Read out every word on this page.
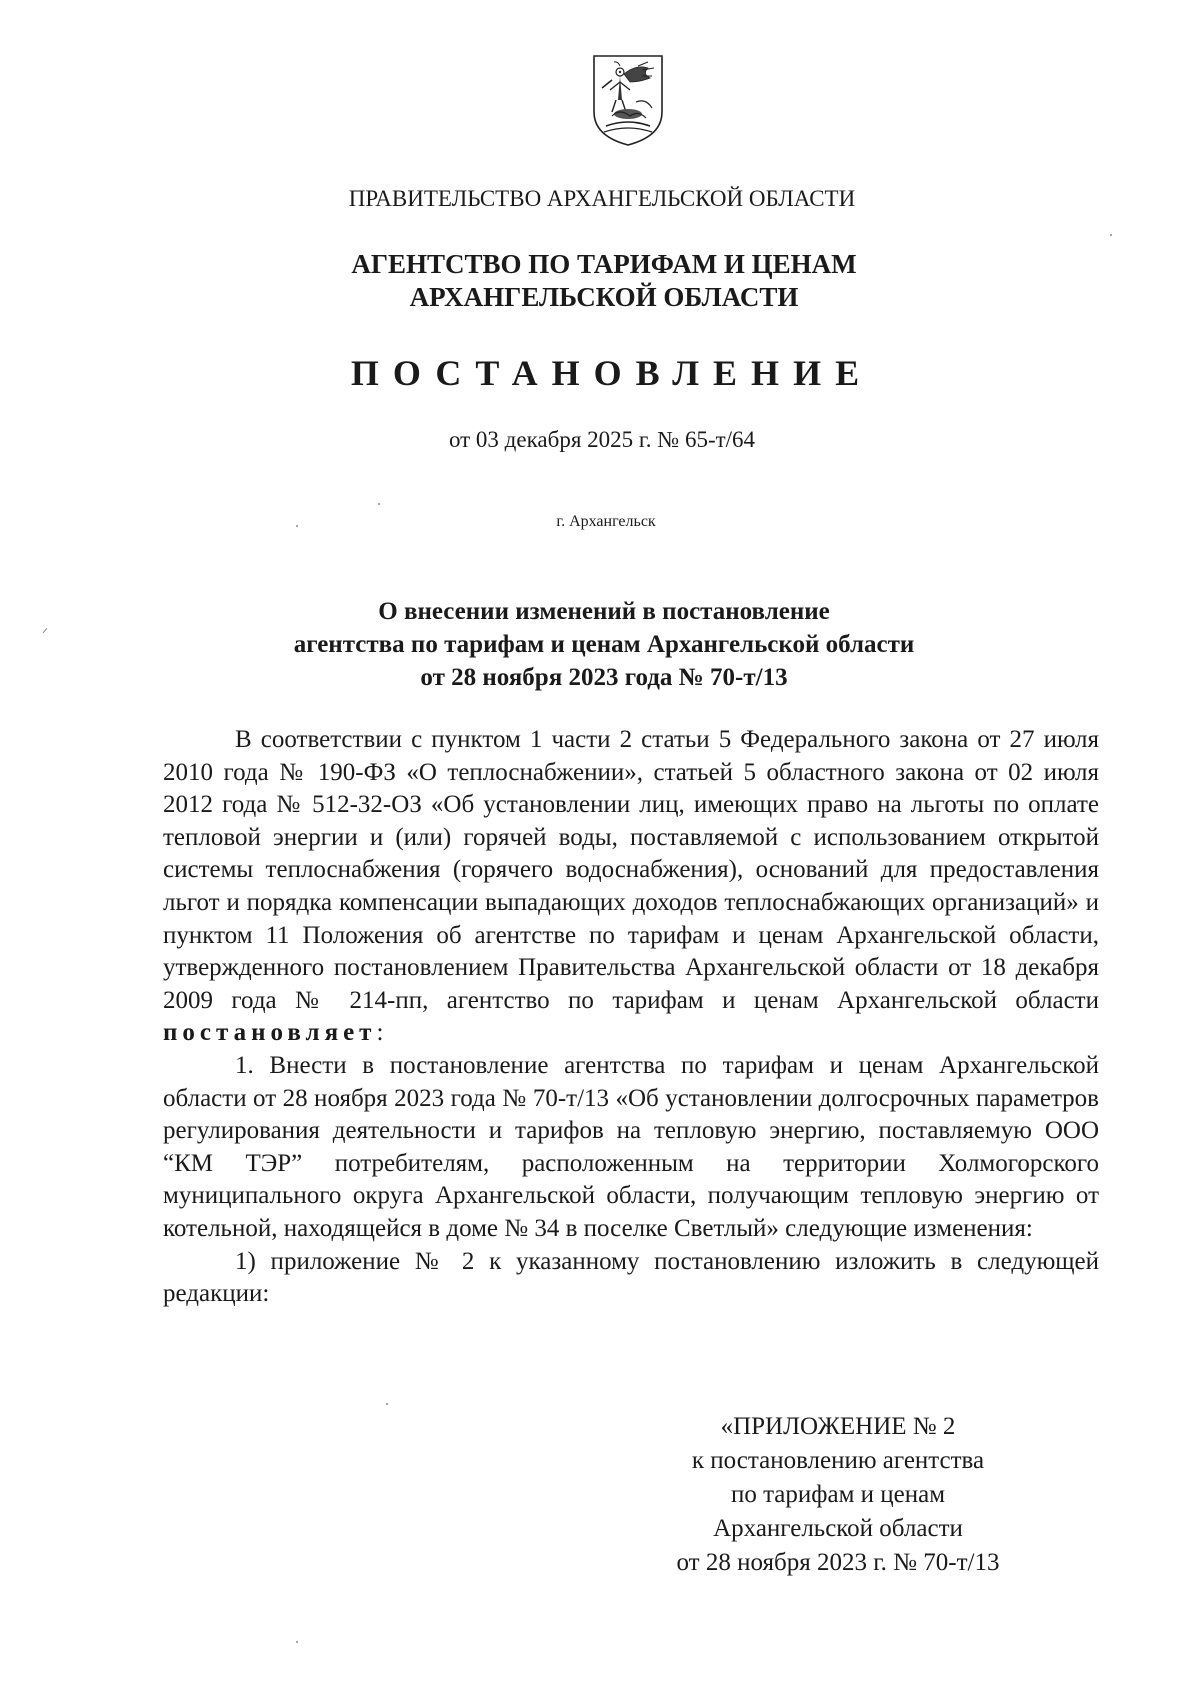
ПРАВИТЕЛЬСТВО АРХАНГЕЛЬСКОЙ ОБЛАСТИ
АГЕНТСТВО ПО ТАРИФАМ И ЦЕНАМ
АРХАНГЕЛЬСКОЙ ОБЛАСТИ
ПОСТАНОВЛЕНИЕ
от 03 декабря 2025 г. № 65-т/64
г. Архангельск
О внесении изменений в постановление
агентства по тарифам и ценам Архангельской области
от 28 ноября 2023 года № 70-т/13

В соответствии с пунктом 1 части 2 статьи 5 Федерального закона от 27 июля 2010 года № 190-ФЗ «О теплоснабжении», статьей 5 областного закона от 02 июля 2012 года № 512-32-ОЗ «Об установлении лиц, имеющих право на льготы по оплате тепловой энергии и (или) горячей воды, поставляемой с использованием открытой системы теплоснабжения (горячего водоснабжения), оснований для предоставления льгот и порядка компенсации выпадающих доходов теплоснабжающих организаций» и пунктом 11 Положения об агентстве по тарифам и ценам Архангельской области, утвержденного постановлением Правительства Архангельской области от 18 декабря 2009 года № 214-пп, агентство по тарифам и ценам Архангельской области постановляет:

1. Внести в постановление агентства по тарифам и ценам Архангельской области от 28 ноября 2023 года № 70-т/13 «Об установлении долгосрочных параметров регулирования деятельности и тарифов на тепловую энергию, поставляемую ООО “КМ ТЭР” потребителям, расположенным на территории Холмогорского муниципального округа Архангельской области, получающим тепловую энергию от котельной, находящейся в доме № 34 в поселке Светлый» следующие изменения:

1) приложение № 2 к указанному постановлению изложить в следующей редакции:

«ПРИЛОЖЕНИЕ № 2
к постановлению агентства
по тарифам и ценам
Архангельской области
от 28 ноября 2023 г. № 70-т/13
